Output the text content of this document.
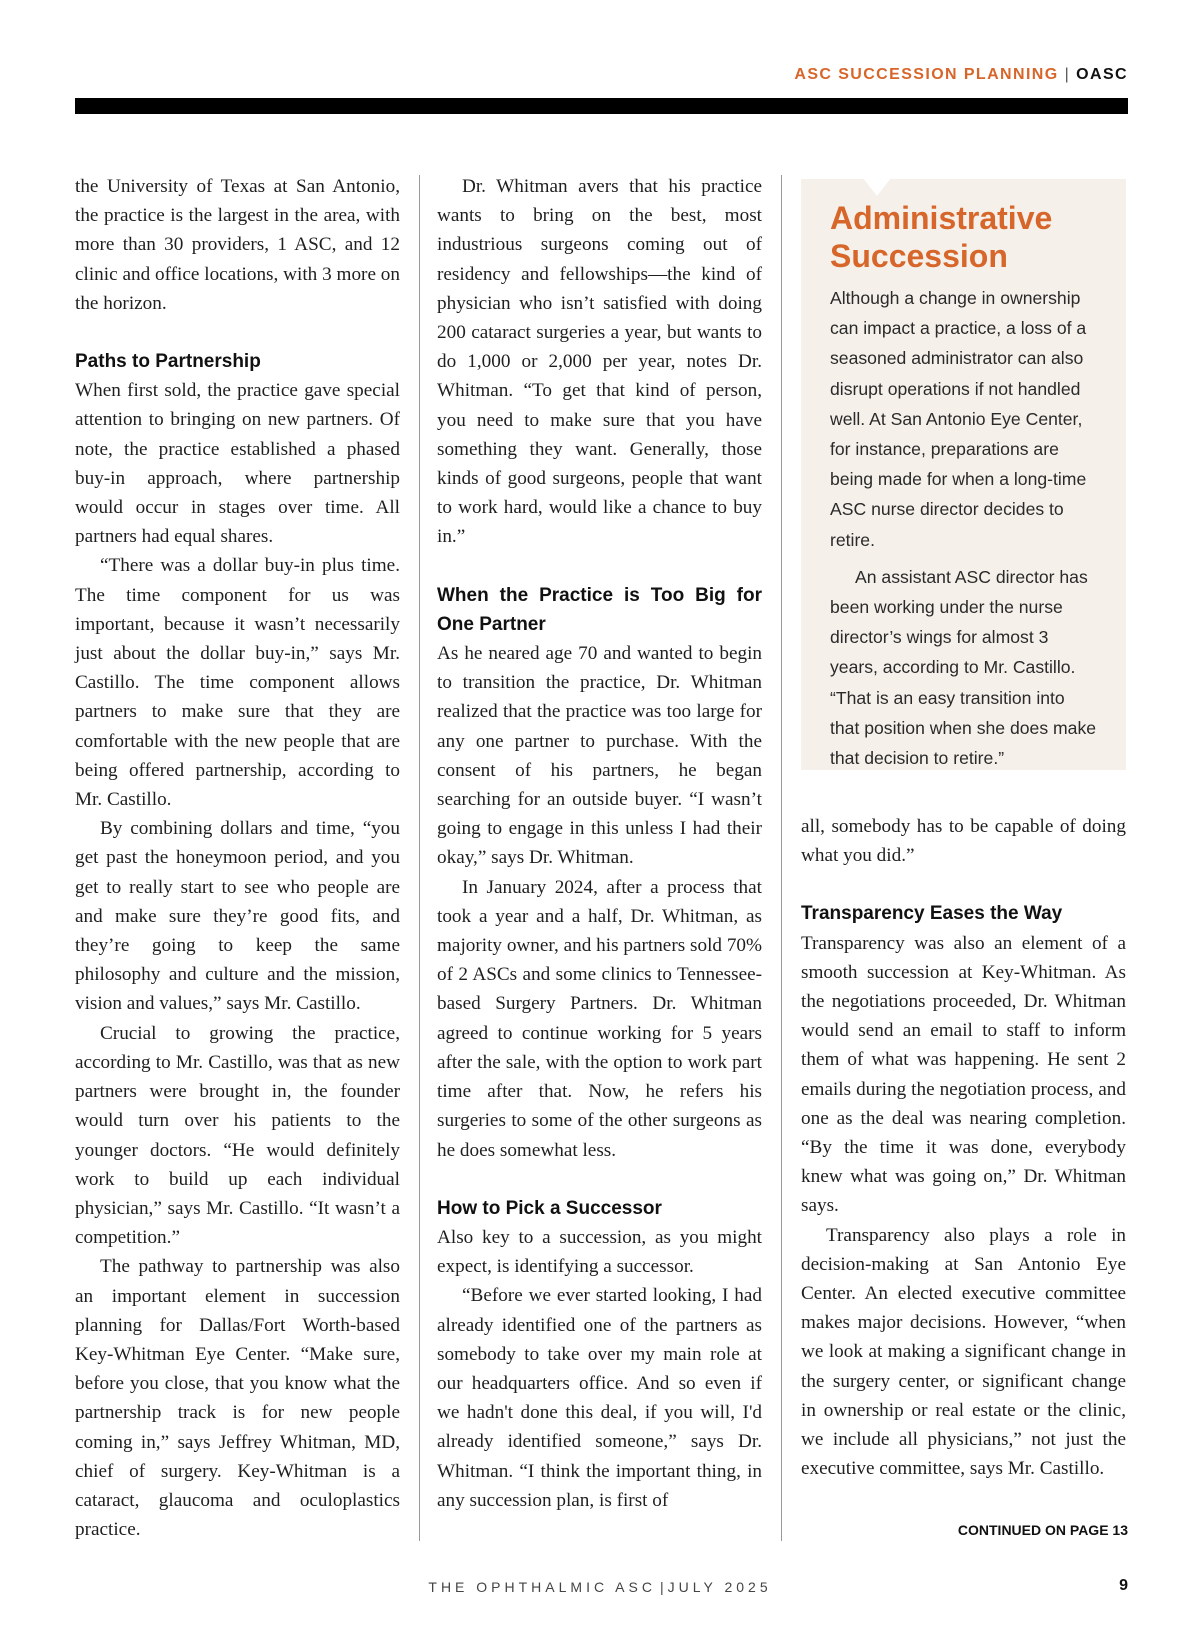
ASC SUCCESSION PLANNING | OASC

the University of Texas at San Antonio, the practice is the largest in the area, with more than 30 providers, 1 ASC, and 12 clinic and office locations, with 3 more on the horizon.

Paths to Partnership

When first sold, the practice gave special attention to bringing on new partners. Of note, the practice established a phased buy-in approach, where partnership would occur in stages over time. All partners had equal shares.

“There was a dollar buy-in plus time. The time component for us was important, because it wasn’t necessarily just about the dollar buy-in,” says Mr. Castillo. The time component allows partners to make sure that they are comfortable with the new people that are being offered partnership, according to Mr. Castillo.

By combining dollars and time, “you get past the honeymoon period, and you get to really start to see who people are and make sure they’re good fits, and they’re going to keep the same philosophy and culture and the mission, vision and values,” says Mr. Castillo.

Crucial to growing the practice, according to Mr. Castillo, was that as new partners were brought in, the founder would turn over his patients to the younger doctors. “He would definitely work to build up each individual physician,” says Mr. Castillo. “It wasn’t a competition.”

The pathway to partnership was also an important element in succession planning for Dallas/Fort Worth-based Key-Whitman Eye Center. “Make sure, before you close, that you know what the partnership track is for new people coming in,” says Jeffrey Whitman, MD, chief of surgery. Key-Whitman is a cataract, glaucoma and oculoplastics practice.

Dr. Whitman avers that his practice wants to bring on the best, most industrious surgeons coming out of residency and fellowships—the kind of physician who isn’t satisfied with doing 200 cataract surgeries a year, but wants to do 1,000 or 2,000 per year, notes Dr. Whitman. “To get that kind of person, you need to make sure that you have something they want. Generally, those kinds of good surgeons, people that want to work hard, would like a chance to buy in.”

When the Practice is Too Big for One Partner

As he neared age 70 and wanted to begin to transition the practice, Dr. Whitman realized that the practice was too large for any one partner to purchase. With the consent of his partners, he began searching for an outside buyer. “I wasn’t going to engage in this unless I had their okay,” says Dr. Whitman.

In January 2024, after a process that took a year and a half, Dr. Whitman, as majority owner, and his partners sold 70% of 2 ASCs and some clinics to Tennessee-based Surgery Partners. Dr. Whitman agreed to continue working for 5 years after the sale, with the option to work part time after that. Now, he refers his surgeries to some of the other surgeons as he does somewhat less.

How to Pick a Successor

Also key to a succession, as you might expect, is identifying a successor.

“Before we ever started looking, I had already identified one of the partners as somebody to take over my main role at our headquarters office. And so even if we hadn't done this deal, if you will, I'd already identified someone,” says Dr. Whitman. “I think the important thing, in any succession plan, is first of

Administrative Succession

Although a change in ownership can impact a practice, a loss of a seasoned administrator can also disrupt operations if not handled well. At San Antonio Eye Center, for instance, preparations are being made for when a long-time ASC nurse director decides to retire.

An assistant ASC director has been working under the nurse director’s wings for almost 3 years, according to Mr. Castillo. “That is an easy transition into that position when she does make that decision to retire.”

all, somebody has to be capable of doing what you did.”

Transparency Eases the Way

Transparency was also an element of a smooth succession at Key-Whitman. As the negotiations proceeded, Dr. Whitman would send an email to staff to inform them of what was happening. He sent 2 emails during the negotiation process, and one as the deal was nearing completion. “By the time it was done, everybody knew what was going on,” Dr. Whitman says.

Transparency also plays a role in decision-making at San Antonio Eye Center. An elected executive committee makes major decisions. However, “when we look at making a significant change in the surgery center, or significant change in ownership or real estate or the clinic, we include all physicians,” not just the executive committee, says Mr. Castillo.

CONTINUED ON PAGE 13
THE OPHTHALMIC ASC | JULY 2025	9
